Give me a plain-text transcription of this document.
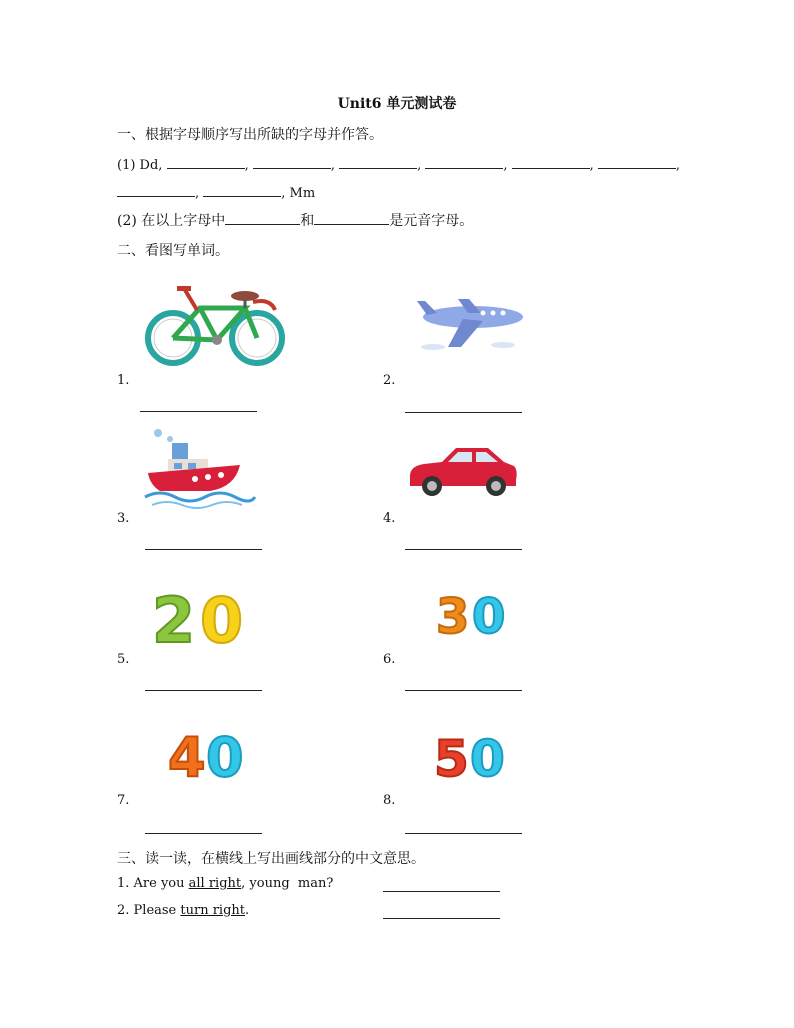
Unit6 单元测试卷
一、根据字母顺序写出所缺的字母并作答。
(1) Dd,	,	,	,	,	,	,
,	, Mm
(2) 在以上字母中	和	是元音字母。
二、看图写单词。
1.	2.
3.	4.
2 0
5.
3 0
6.
4 0
7.
5 0
8.
三、读一读，在横线上写出画线部分的中文意思。
1. Are you all right, young  man?
2. Please turn right.
